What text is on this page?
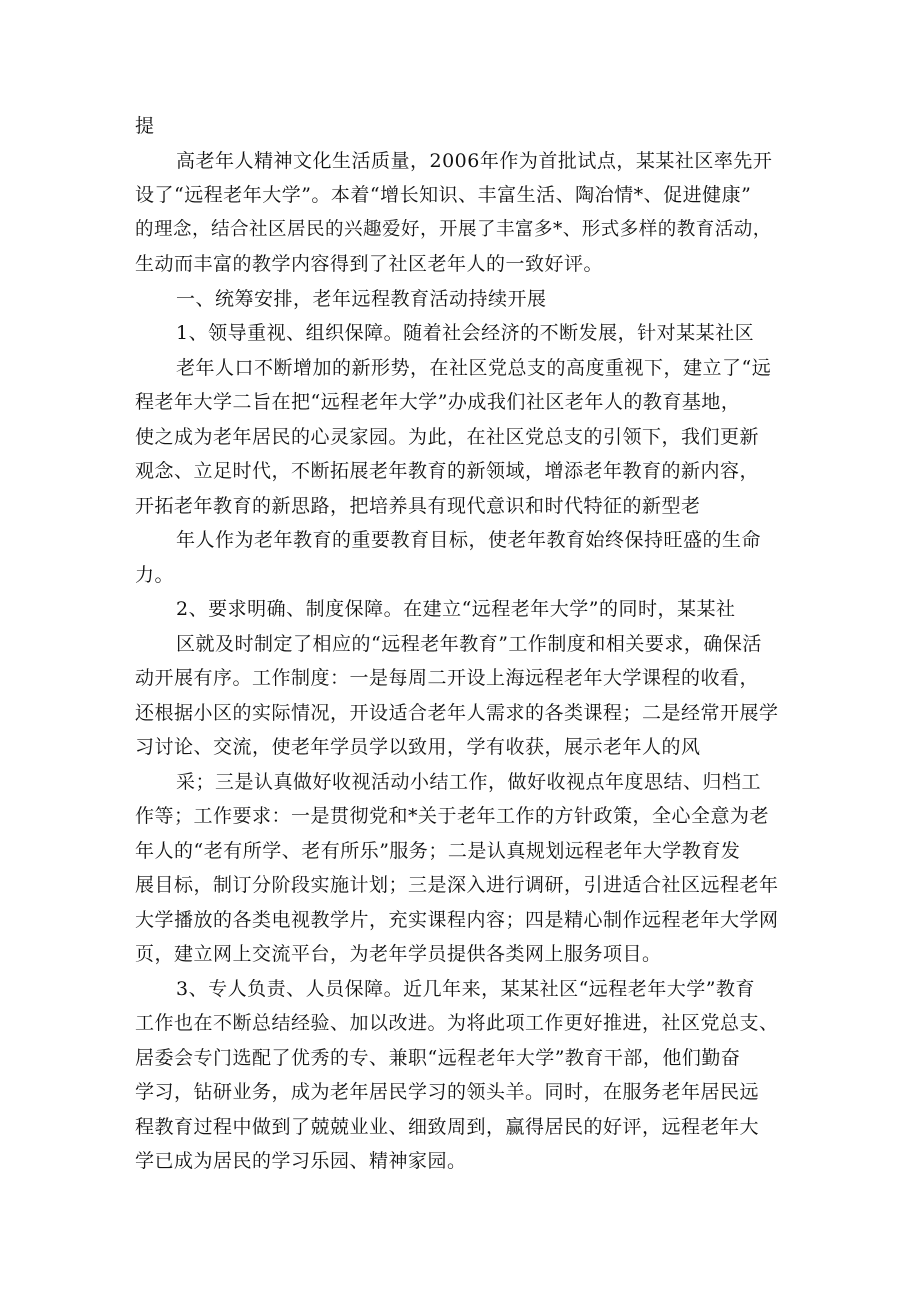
提

高老年人精神文化生活质量，2006年作为首批试点，某某社区率先开

设了“远程老年大学”。本着“增长知识、丰富生活、陶冶情*、促进健康”

的理念，结合社区居民的兴趣爱好，开展了丰富多*、形式多样的教育活动，

生动而丰富的教学内容得到了社区老年人的一致好评。

一、统筹安排，老年远程教育活动持续开展

1、领导重视、组织保障。随着社会经济的不断发展，针对某某社区

老年人口不断增加的新形势，在社区党总支的高度重视下，建立了“远

程老年大学二旨在把“远程老年大学”办成我们社区老年人的教育基地，

使之成为老年居民的心灵家园。为此，在社区党总支的引领下，我们更新

观念、立足时代，不断拓展老年教育的新领域，增添老年教育的新内容，

开拓老年教育的新思路，把培养具有现代意识和时代特征的新型老

年人作为老年教育的重要教育目标，使老年教育始终保持旺盛的生命

力。

2、要求明确、制度保障。在建立“远程老年大学”的同时，某某社

区就及时制定了相应的“远程老年教育”工作制度和相关要求，确保活

动开展有序。工作制度：一是每周二开设上海远程老年大学课程的收看，

还根据小区的实际情况，开设适合老年人需求的各类课程；二是经常开展学

习讨论、交流，使老年学员学以致用，学有收获，展示老年人的风

采；三是认真做好收视活动小结工作，做好收视点年度思结、归档工

作等；工作要求：一是贯彻党和*关于老年工作的方针政策，全心全意为老

年人的“老有所学、老有所乐”服务；二是认真规划远程老年大学教育发

展目标，制订分阶段实施计划；三是深入进行调研，引进适合社区远程老年

大学播放的各类电视教学片，充实课程内容；四是精心制作远程老年大学网

页，建立网上交流平台，为老年学员提供各类网上服务项目。

3、专人负责、人员保障。近几年来，某某社区“远程老年大学”教育

工作也在不断总结经验、加以改进。为将此项工作更好推进，社区党总支、

居委会专门选配了优秀的专、兼职“远程老年大学”教育干部，他们勤奋

学习，钻研业务，成为老年居民学习的领头羊。同时，在服务老年居民远

程教育过程中做到了兢兢业业、细致周到，赢得居民的好评，远程老年大

学已成为居民的学习乐园、精神家园。
